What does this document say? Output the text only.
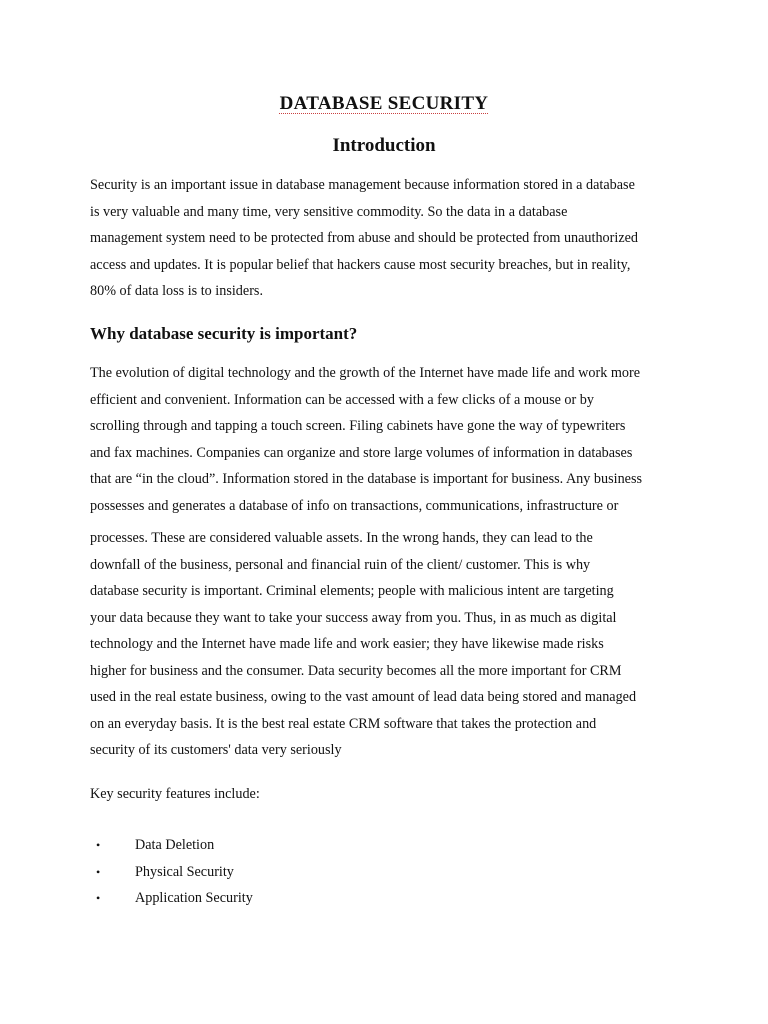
DATABASE SECURITY
Introduction

Security is an important issue in database management because information stored in a database
is very valuable and many time, very sensitive commodity. So the data in a database
management system need to be protected from abuse and should be protected from unauthorized
access and updates. It is popular belief that hackers cause most security breaches, but in reality,
80% of data loss is to insiders.

Why database security is important?

The evolution of digital technology and the growth of the Internet have made life and work more
efficient and convenient. Information can be accessed with a few clicks of a mouse or by
scrolling through and tapping a touch screen. Filing cabinets have gone the way of typewriters
and fax machines. Companies can organize and store large volumes of information in databases
that are “in the cloud”. Information stored in the database is important for business. Any business
possesses and generates a database of info on transactions, communications, infrastructure or
processes. These are considered valuable assets. In the wrong hands, they can lead to the
downfall of the business, personal and financial ruin of the client/ customer. This is why
database security is important. Criminal elements; people with malicious intent are targeting
your data because they want to take your success away from you. Thus, in as much as digital
technology and the Internet have made life and work easier; they have likewise made risks
higher for business and the consumer. Data security becomes all the more important for CRM
used in the real estate business, owing to the vast amount of lead data being stored and managed
on an everyday basis. It is the best real estate CRM software that takes the protection and
security of its customers' data very seriously

Key security features include:

• Data Deletion
• Physical Security
• Application Security
